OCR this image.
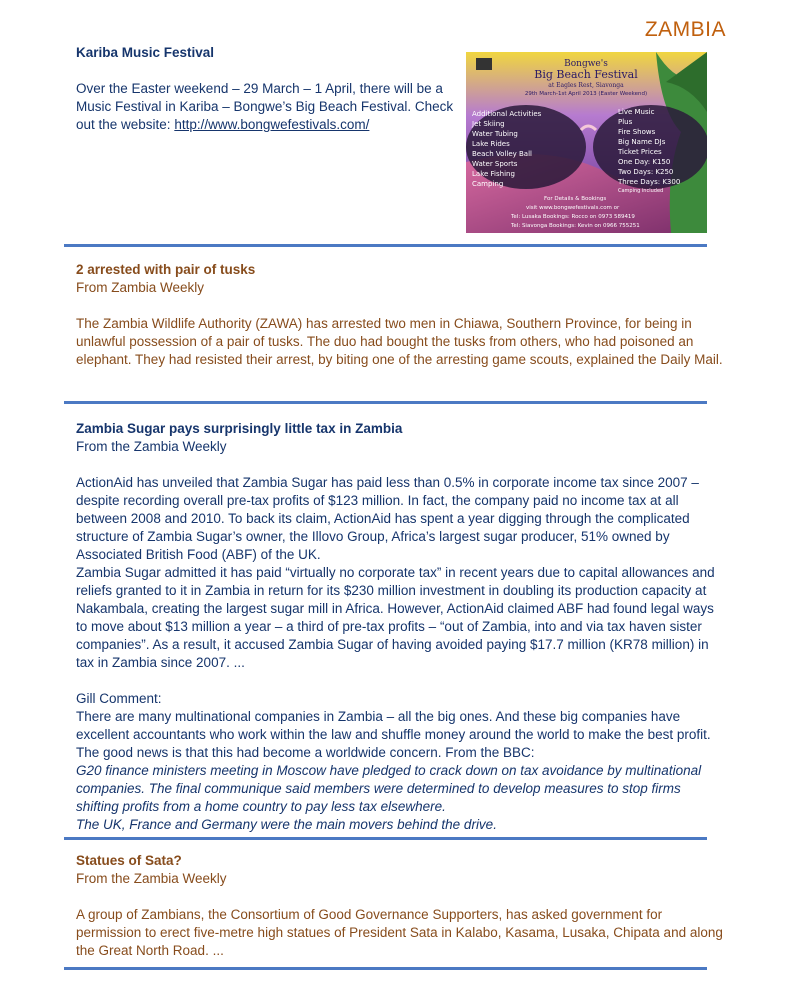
ZAMBIA
Kariba Music Festival

Over the Easter weekend – 29 March – 1 April, there will be a Music Festival in Kariba – Bongwe’s Big Beach Festival. Check out the website: http://www.bongwefestivals.com/

Bongwe's
Big Beach Festival
at Eagles Rest, Siavonga
29th March-1st April 2013 (Easter Weekend)
Additional Activities
Jet Skiing
Water Tubing
Lake Rides
Beach Volley Ball
Water Sports
Lake Fishing
Camping
Live Music
Plus
Fire Shows
Big Name DJs
Ticket Prices
One Day: K150
Two Days: K250
Three Days: K300
Camping included
For Details & Bookings
visit www.bongwefestivals.com or
Tel: Lusaka Bookings: Rocco on 0973 589419
Tel: Siavonga Bookings: Kevin on 0966 755251
2 arrested with pair of tusks
From Zambia Weekly

The Zambia Wildlife Authority (ZAWA) has arrested two men in Chiawa, Southern Province, for being in unlawful possession of a pair of tusks. The duo had bought the tusks from others, who had poisoned an elephant. They had resisted their arrest, by biting one of the arresting game scouts, explained the Daily Mail.

Zambia Sugar pays surprisingly little tax in Zambia
From the Zambia Weekly

ActionAid has unveiled that Zambia Sugar has paid less than 0.5% in corporate income tax since 2007 – despite recording overall pre-tax profits of $123 million. In fact, the company paid no income tax at all between 2008 and 2010. To back its claim, ActionAid has spent a year digging through the complicated structure of Zambia Sugar’s owner, the Illovo Group, Africa’s largest sugar producer, 51% owned by Associated British Food (ABF) of the UK.

Zambia Sugar admitted it has paid “virtually no corporate tax” in recent years due to capital allowances and reliefs granted to it in Zambia in return for its $230 million investment in doubling its production capacity at Nakambala, creating the largest sugar mill in Africa. However, ActionAid claimed ABF had found legal ways to move about $13 million a year – a third of pre-tax profits – “out of Zambia, into and via tax haven sister companies”. As a result, it accused Zambia Sugar of having avoided paying $17.7 million (KR78 million) in tax in Zambia since 2007. ...

Gill Comment:

There are many multinational companies in Zambia – all the big ones. And these big companies have excellent accountants who work within the law and shuffle money around the world to make the best profit. The good news is that this had become a worldwide concern. From the BBC:

G20 finance ministers meeting in Moscow have pledged to crack down on tax avoidance by multinational companies. The final communique said members were determined to develop measures to stop firms shifting profits from a home country to pay less tax elsewhere.

The UK, France and Germany were the main movers behind the drive.

Statues of Sata?
From the Zambia Weekly

A group of Zambians, the Consortium of Good Governance Supporters, has asked government for permission to erect five-metre high statues of President Sata in Kalabo, Kasama, Lusaka, Chipata and along the Great North Road. ...
